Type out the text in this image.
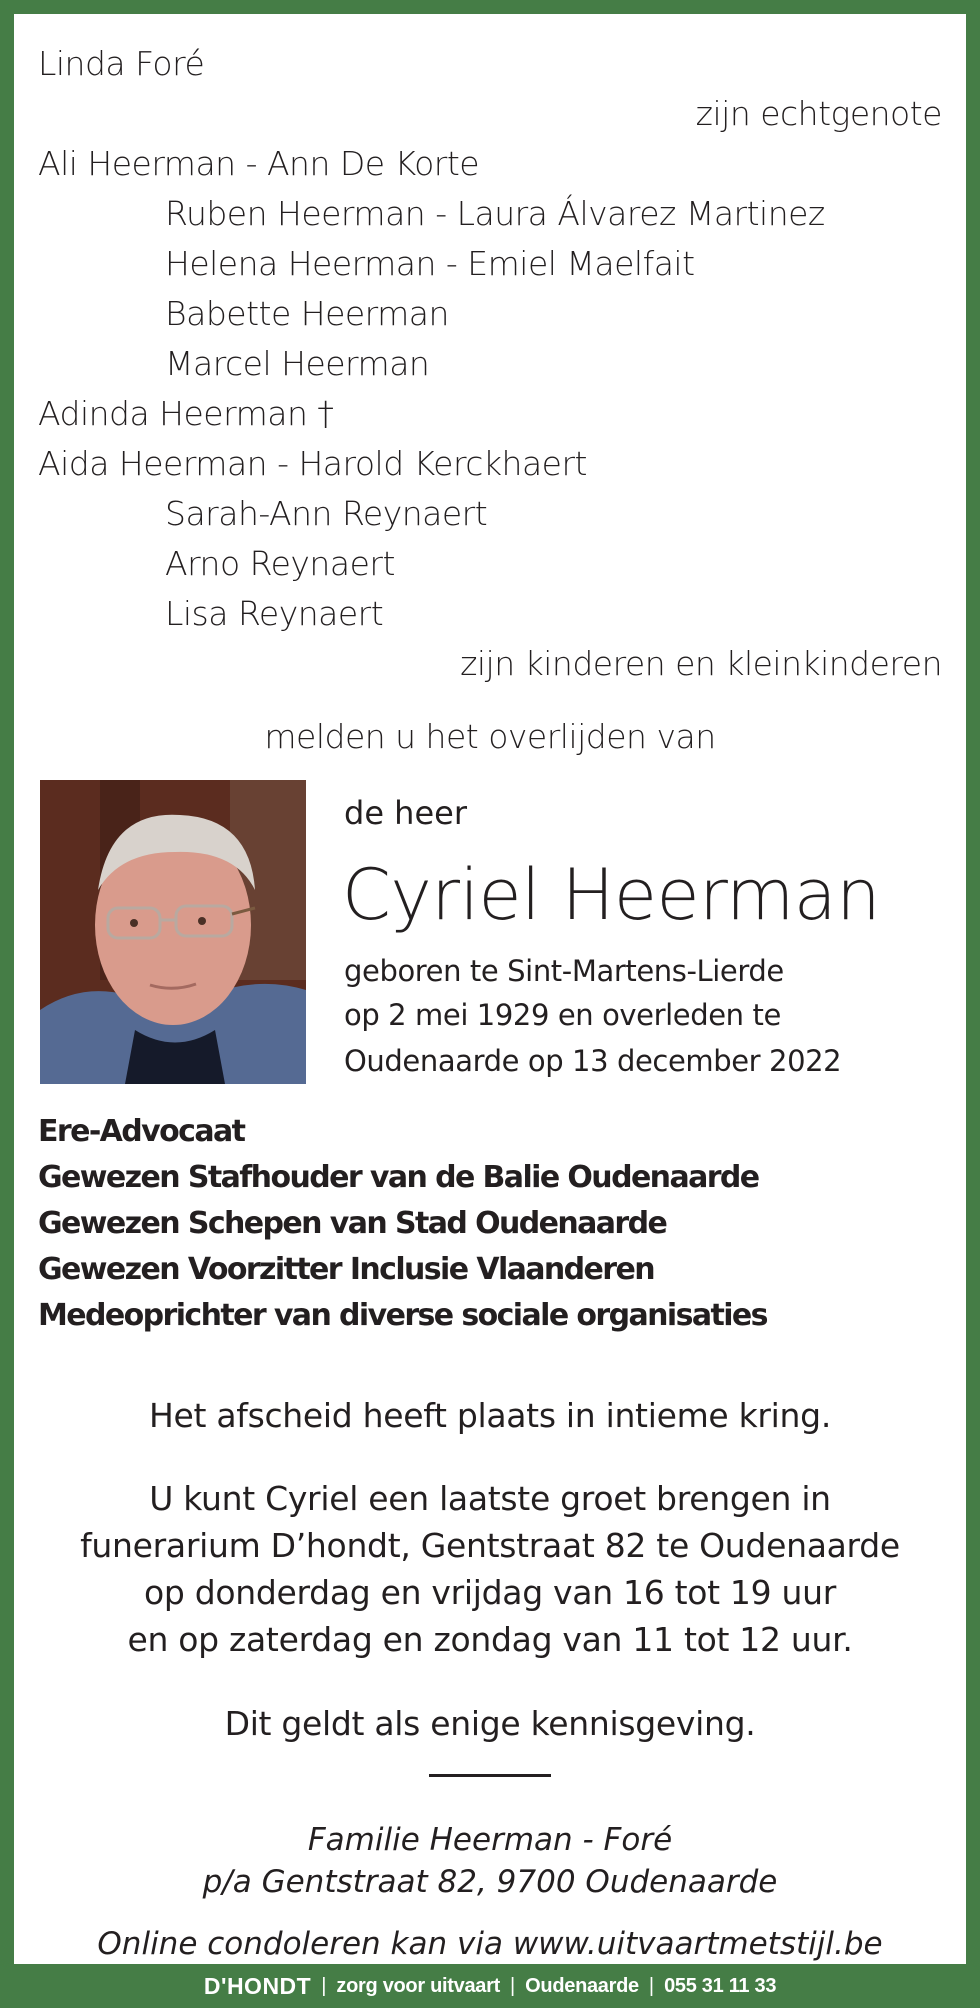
Linda Foré
zijn echtgenote
Ali Heerman - Ann De Korte
Ruben Heerman - Laura Álvarez Martinez
Helena Heerman - Emiel Maelfait
Babette Heerman
Marcel Heerman
Adinda Heerman †
Aida Heerman - Harold Kerckhaert
Sarah-Ann Reynaert
Arno Reynaert
Lisa Reynaert
zijn kinderen en kleinkinderen
melden u het overlijden van
de heer
Cyriel Heerman
geboren te Sint-Martens-Lierde
op 2 mei 1929 en overleden te
Oudenaarde op 13 december 2022
Ere-Advocaat
Gewezen Stafhouder van de Balie Oudenaarde
Gewezen Schepen van Stad Oudenaarde
Gewezen Voorzitter Inclusie Vlaanderen
Medeoprichter van diverse sociale organisaties
Het afscheid heeft plaats in intieme kring.
U kunt Cyriel een laatste groet brengen in
funerarium D’hondt, Gentstraat 82 te Oudenaarde
op donderdag en vrijdag van 16 tot 19 uur
en op zaterdag en zondag van 11 tot 12 uur.
Dit geldt als enige kennisgeving.
Familie Heerman - Foré
p/a Gentstraat 82, 9700 Oudenaarde
Online condoleren kan via www.uitvaartmetstijl.be
D'HONDT | zorg voor uitvaart | Oudenaarde | 055 31 11 33
